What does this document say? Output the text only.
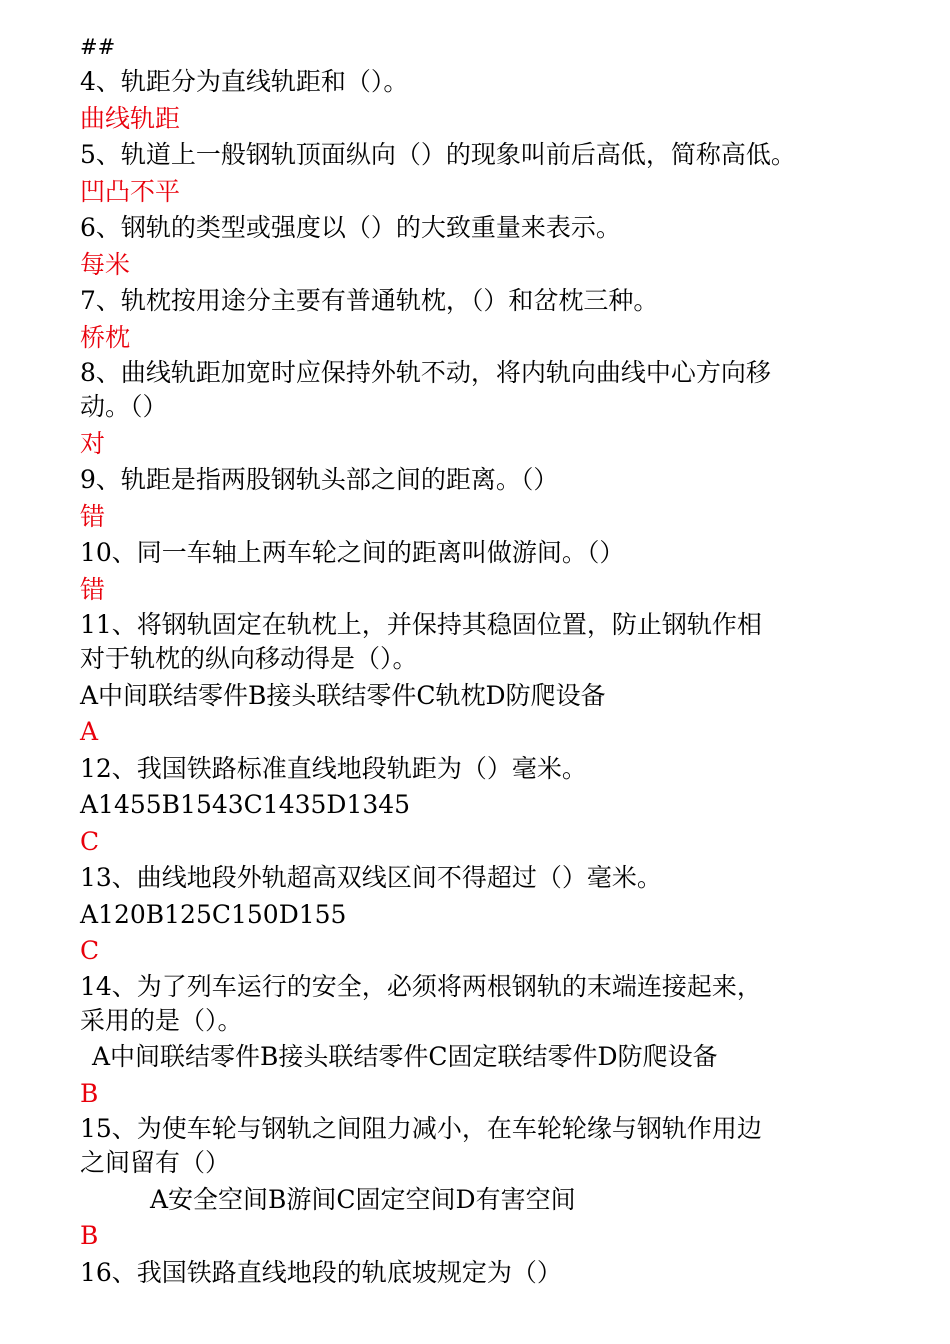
##
4、轨距分为直线轨距和（）。
曲线轨距
5、轨道上一般钢轨顶面纵向（）的现象叫前后高低，简称高低。
凹凸不平
6、钢轨的类型或强度以（）的大致重量来表示。
每米
7、轨枕按用途分主要有普通轨枕，（）和岔枕三种。
桥枕
8、曲线轨距加宽时应保持外轨不动，将内轨向曲线中心方向移
动。（）
对
9、轨距是指两股钢轨头部之间的距离。（）
错
10、同一车轴上两车轮之间的距离叫做游间。（）
错
11、将钢轨固定在轨枕上，并保持其稳固位置，防止钢轨作相
对于轨枕的纵向移动得是（）。
A中间联结零件B接头联结零件C轨枕D防爬设备
A
12、我国铁路标准直线地段轨距为（）毫米。
A1455B1543C1435D1345
C
13、曲线地段外轨超高双线区间不得超过（）毫米。
A120B125C150D155
C
14、为了列车运行的安全，必须将两根钢轨的末端连接起来，
采用的是（）。
A中间联结零件B接头联结零件C固定联结零件D防爬设备
B
15、为使车轮与钢轨之间阻力减小，在车轮轮缘与钢轨作用边
之间留有（）
A安全空间B游间C固定空间D有害空间
B
16、我国铁路直线地段的轨底坡规定为（）
